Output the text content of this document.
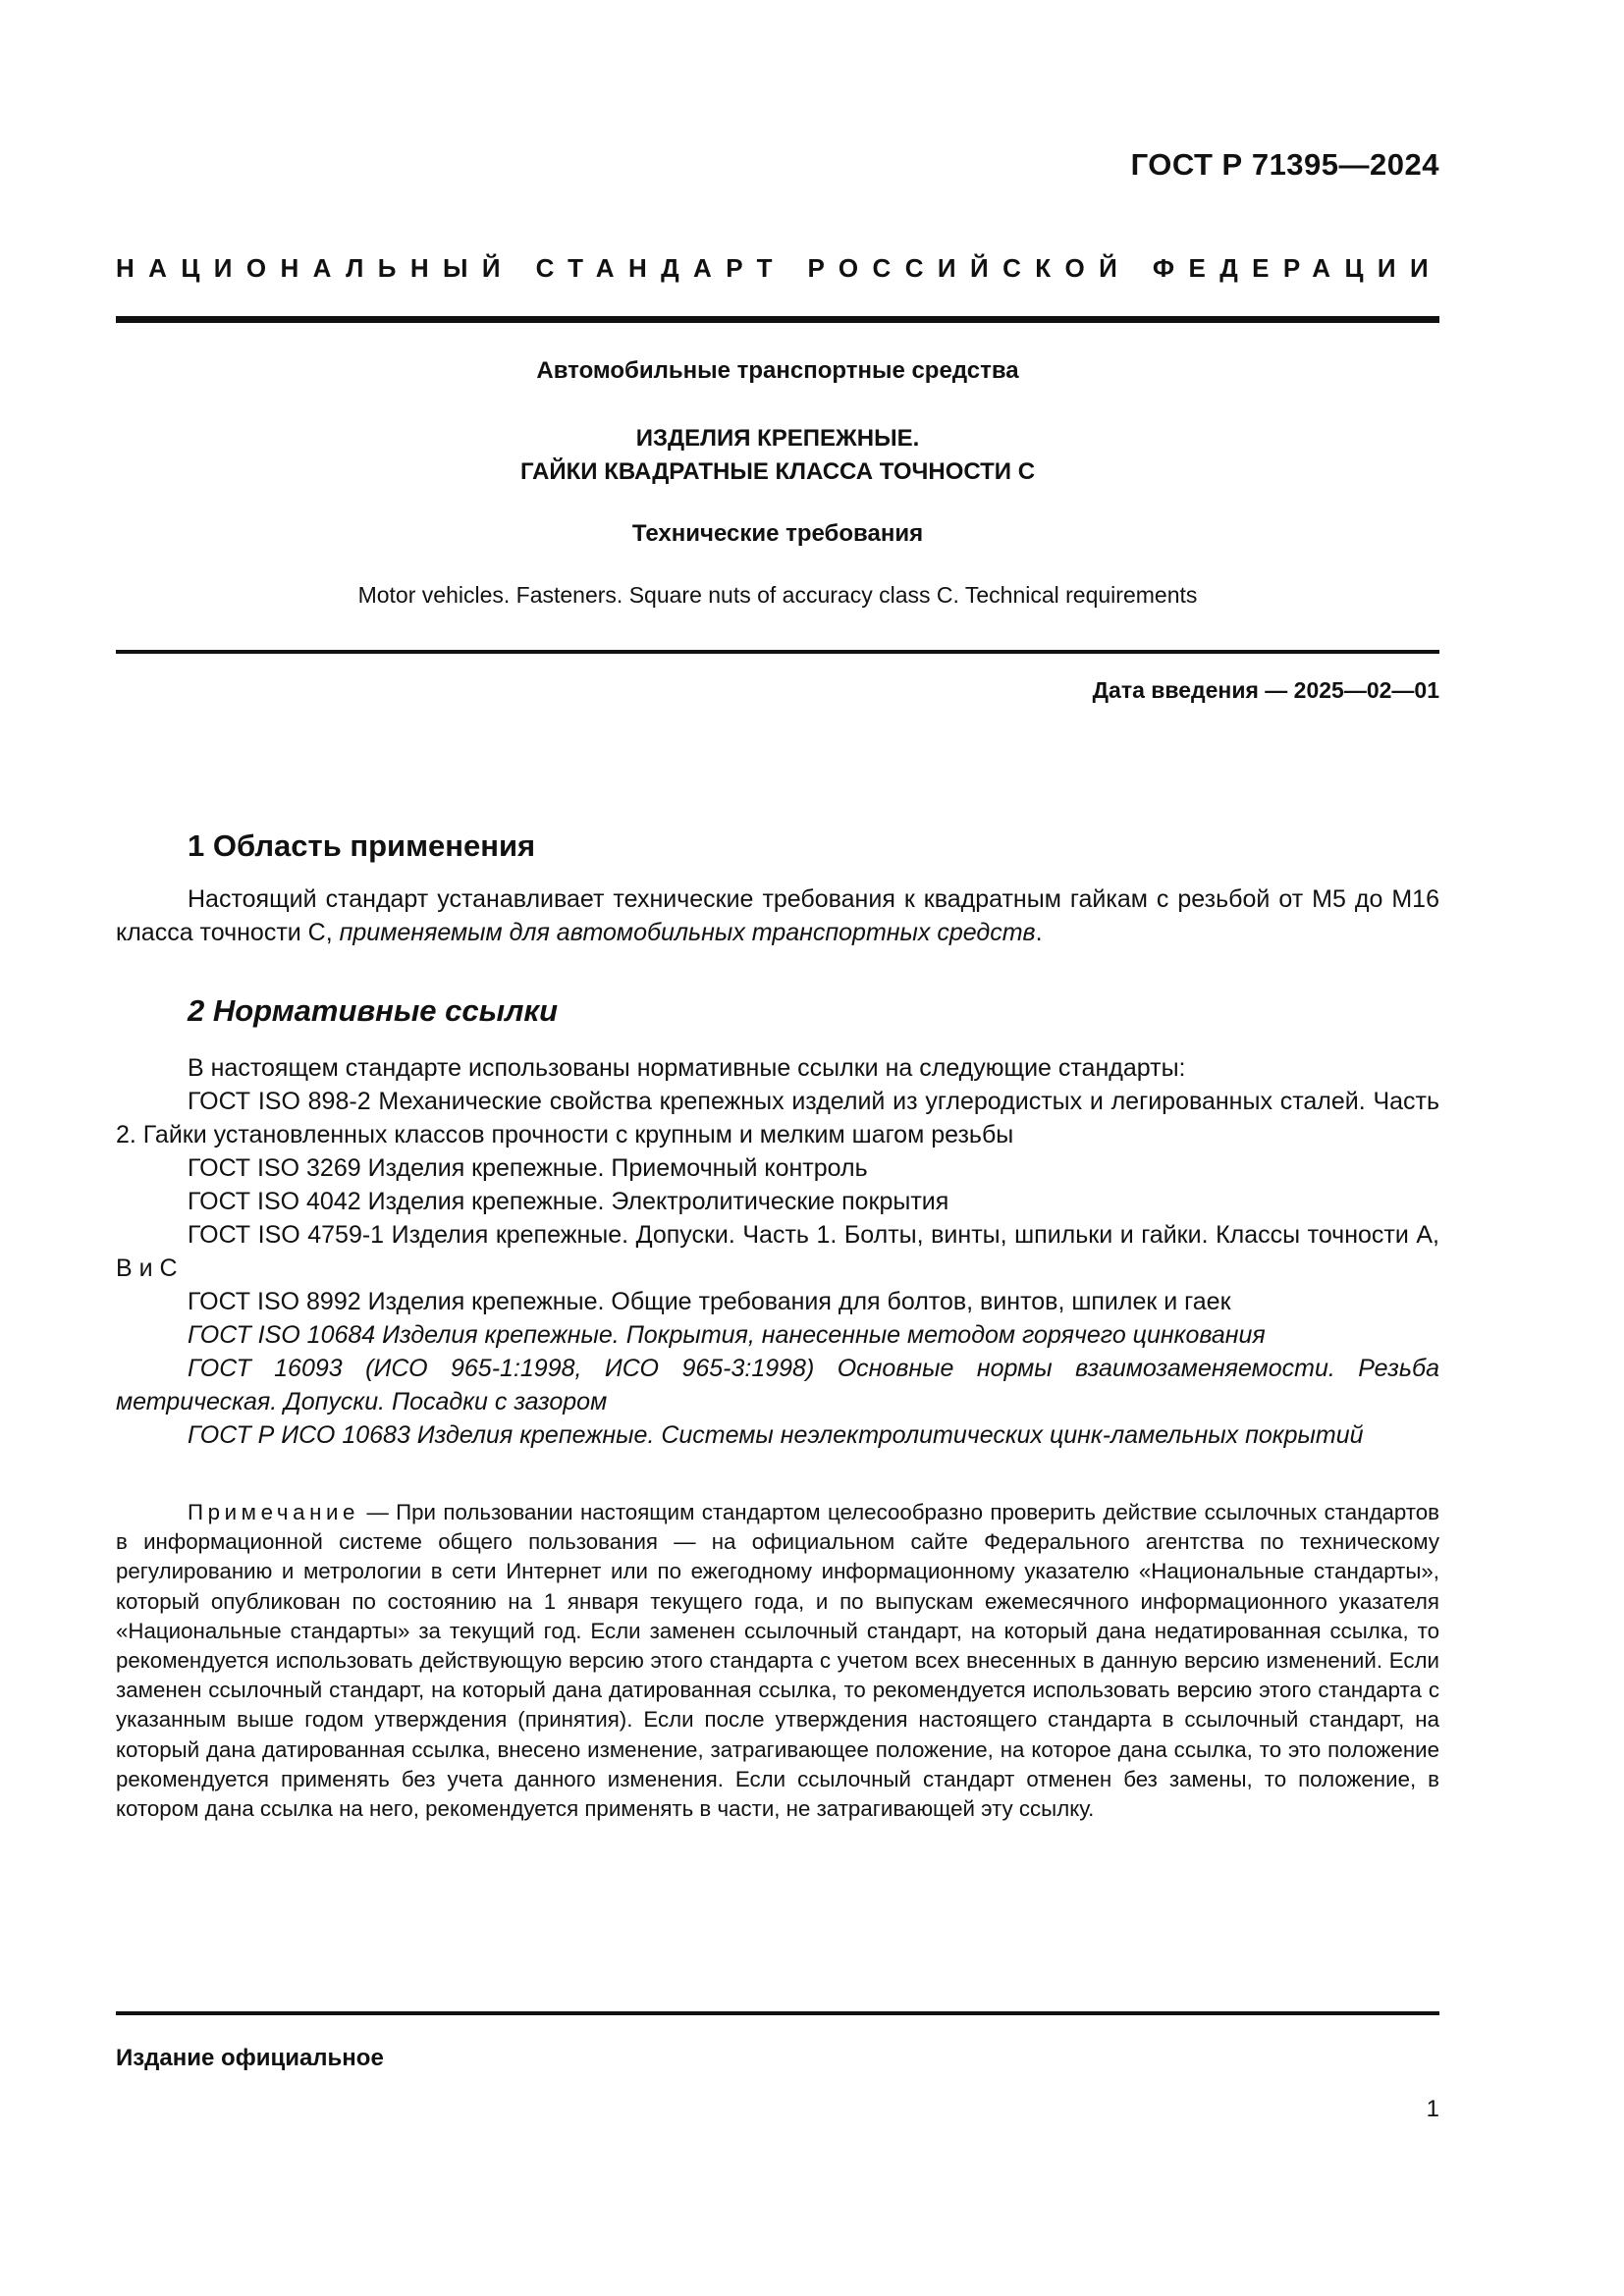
ГОСТ Р 71395—2024
НАЦИОНАЛЬНЫЙ СТАНДАРТ РОССИЙСКОЙ ФЕДЕРАЦИИ
Автомобильные транспортные средства
ИЗДЕЛИЯ КРЕПЕЖНЫЕ.
ГАЙКИ КВАДРАТНЫЕ КЛАССА ТОЧНОСТИ С
Технические требования
Motor vehicles. Fasteners. Square nuts of accuracy class C. Technical requirements
Дата введения — 2025—02—01
1 Область применения

Настоящий стандарт устанавливает технические требования к квадратным гайкам с резьбой от М5 до М16 класса точности С, применяемым для автомобильных транспортных средств.

2 Нормативные ссылки

В настоящем стандарте использованы нормативные ссылки на следующие стандарты:

ГОСТ ISO 898-2 Механические свойства крепежных изделий из углеродистых и легированных сталей. Часть 2. Гайки установленных классов прочности с крупным и мелким шагом резьбы

ГОСТ ISO 3269 Изделия крепежные. Приемочный контроль

ГОСТ ISO 4042 Изделия крепежные. Электролитические покрытия

ГОСТ ISO 4759-1 Изделия крепежные. Допуски. Часть 1. Болты, винты, шпильки и гайки. Классы точности А, В и С

ГОСТ ISO 8992 Изделия крепежные. Общие требования для болтов, винтов, шпилек и гаек

ГОСТ ISO 10684 Изделия крепежные. Покрытия, нанесенные методом горячего цинкования

ГОСТ 16093 (ИСО 965-1:1998, ИСО 965-3:1998) Основные нормы взаимозаменяемости. Резьба метрическая. Допуски. Посадки с зазором

ГОСТ Р ИСО 10683 Изделия крепежные. Системы неэлектролитических цинк-ламельных покрытий

Примечание — При пользовании настоящим стандартом целесообразно проверить действие ссылочных стандартов в информационной системе общего пользования — на официальном сайте Федерального агентства по техническому регулированию и метрологии в сети Интернет или по ежегодному информационному указателю «Национальные стандарты», который опубликован по состоянию на 1 января текущего года, и по выпускам ежемесячного информационного указателя «Национальные стандарты» за текущий год. Если заменен ссылочный стандарт, на который дана недатированная ссылка, то рекомендуется использовать действующую версию этого стандарта с учетом всех внесенных в данную версию изменений. Если заменен ссылочный стандарт, на который дана датированная ссылка, то рекомендуется использовать версию этого стандарта с указанным выше годом утверждения (принятия). Если после утверждения настоящего стандарта в ссылочный стандарт, на который дана датированная ссылка, внесено изменение, затрагивающее положение, на которое дана ссылка, то это положение рекомендуется применять без учета данного изменения. Если ссылочный стандарт отменен без замены, то положение, в котором дана ссылка на него, рекомендуется применять в части, не затрагивающей эту ссылку.
Издание официальное
1
